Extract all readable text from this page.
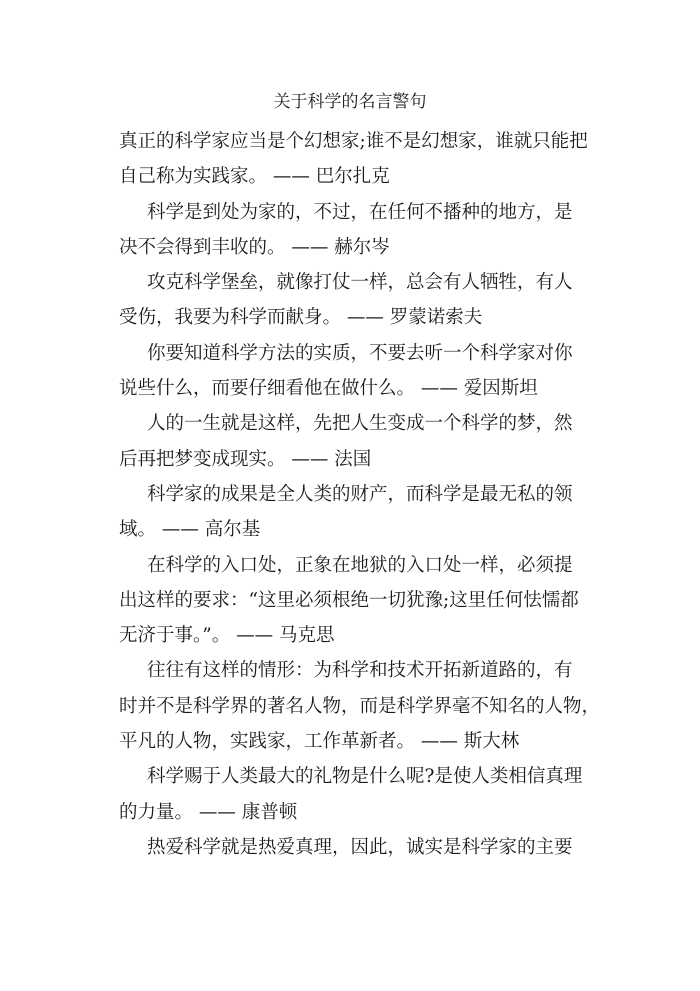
关于科学的名言警句
真正的科学家应当是个幻想家;谁不是幻想家，谁就只能把
自己称为实践家。 —— 巴尔扎克
科学是到处为家的，不过，在任何不播种的地方，是
决不会得到丰收的。 —— 赫尔岑
攻克科学堡垒，就像打仗一样，总会有人牺牲，有人
受伤，我要为科学而献身。 —— 罗蒙诺索夫
你要知道科学方法的实质，不要去听一个科学家对你
说些什么，而要仔细看他在做什么。 —— 爱因斯坦
人的一生就是这样，先把人生变成一个科学的梦，然
后再把梦变成现实。 —— 法国
科学家的成果是全人类的财产，而科学是最无私的领
域。 —— 高尔基
在科学的入口处，正象在地狱的入口处一样，必须提
出这样的要求：“这里必须根绝一切犹豫;这里任何怯懦都
无济于事。”。 —— 马克思
往往有这样的情形：为科学和技术开拓新道路的，有
时并不是科学界的著名人物，而是科学界毫不知名的人物，
平凡的人物，实践家，工作革新者。 —— 斯大林
科学赐于人类最大的礼物是什么呢?是使人类相信真理
的力量。 —— 康普顿
热爱科学就是热爱真理，因此，诚实是科学家的主要
